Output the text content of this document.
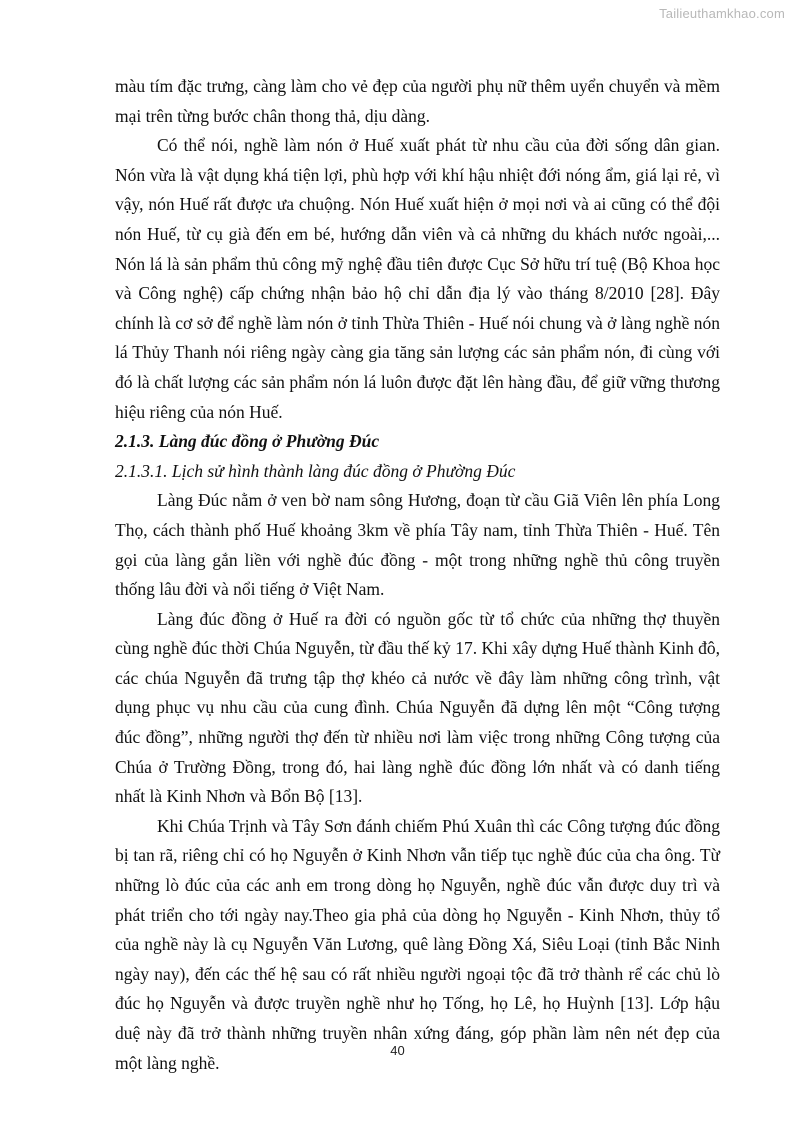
Tailieuthamkhao.com

màu tím đặc trưng, càng làm cho vẻ đẹp của người phụ nữ thêm uyển chuyển và mềm mại trên từng bước chân thong thả, dịu dàng.

Có thể nói, nghề làm nón ở Huế xuất phát từ nhu cầu của đời sống dân gian. Nón vừa là vật dụng khá tiện lợi, phù hợp với khí hậu nhiệt đới nóng ẩm, giá lại rẻ, vì vậy, nón Huế rất được ưa chuộng. Nón Huế xuất hiện ở mọi nơi và ai cũng có thể đội nón Huế, từ cụ già đến em bé, hướng dẫn viên và cả những du khách nước ngoài,... Nón lá là sản phẩm thủ công mỹ nghệ đầu tiên được Cục Sở hữu trí tuệ (Bộ Khoa học và Công nghệ) cấp chứng nhận bảo hộ chỉ dẫn địa lý vào tháng 8/2010 [28]. Đây chính là cơ sở để nghề làm nón ở tỉnh Thừa Thiên - Huế nói chung và ở làng nghề nón lá Thủy Thanh nói riêng ngày càng gia tăng sản lượng các sản phẩm nón, đi cùng với đó là chất lượng các sản phẩm nón lá luôn được đặt lên hàng đầu, để giữ vững thương hiệu riêng của nón Huế.

2.1.3. Làng đúc đồng ở Phường Đúc
2.1.3.1. Lịch sử hình thành làng đúc đồng ở Phường Đúc

Làng Đúc nằm ở ven bờ nam sông Hương, đoạn từ cầu Giã Viên lên phía Long Thọ, cách thành phố Huế khoảng 3km về phía Tây nam, tỉnh Thừa Thiên - Huế. Tên gọi của làng gắn liền với nghề đúc đồng - một trong những nghề thủ công truyền thống lâu đời và nổi tiếng ở Việt Nam.

Làng đúc đồng ở Huế ra đời có nguồn gốc từ tổ chức của những thợ thuyền cùng nghề đúc thời Chúa Nguyễn, từ đầu thế kỷ 17. Khi xây dựng Huế thành Kinh đô, các chúa Nguyễn đã trưng tập thợ khéo cả nước về đây làm những công trình, vật dụng phục vụ nhu cầu của cung đình. Chúa Nguyễn đã dựng lên một “Công tượng đúc đồng”, những người thợ đến từ nhiều nơi làm việc trong những Công tượng của Chúa ở Trường Đồng, trong đó, hai làng nghề đúc đồng lớn nhất và có danh tiếng nhất là Kinh Nhơn và Bổn Bộ [13].

Khi Chúa Trịnh và Tây Sơn đánh chiếm Phú Xuân thì các Công tượng đúc đồng bị tan rã, riêng chỉ có họ Nguyễn ở Kinh Nhơn vẫn tiếp tục nghề đúc của cha ông. Từ những lò đúc của các anh em trong dòng họ Nguyễn, nghề đúc vẫn được duy trì và phát triển cho tới ngày nay.Theo gia phả của dòng họ Nguyễn - Kinh Nhơn, thủy tổ của nghề này là cụ Nguyễn Văn Lương, quê làng Đồng Xá, Siêu Loại (tỉnh Bắc Ninh ngày nay), đến các thế hệ sau có rất nhiều người ngoại tộc đã trở thành rể các chủ lò đúc họ Nguyễn và được truyền nghề như họ Tống, họ Lê, họ Huỳnh [13]. Lớp hậu duệ này đã trở thành những truyền nhân xứng đáng, góp phần làm nên nét đẹp của một làng nghề.

40
